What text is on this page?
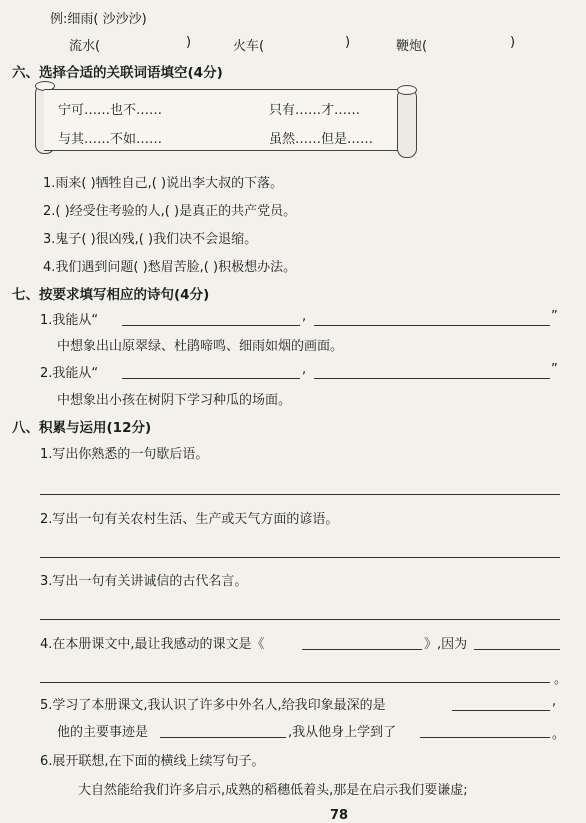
例:细雨( 沙沙沙)
流水(	)	火车(	)	鞭炮(	)
六、选择合适的关联词语填空(4分)
宁可……也不……	只有……才……
与其……不如……	虽然……但是……
1.雨来( )牺牲自己,( )说出李大叔的下落。
2.( )经受住考验的人,( )是真正的共产党员。
3.鬼子( )很凶残,( )我们决不会退缩。
4.我们遇到问题( )愁眉苦脸,( )积极想办法。
七、按要求填写相应的诗句(4分)
1.我能从“	,	”
中想象出山原翠绿、杜鹃啼鸣、细雨如烟的画面。
2.我能从“	,	”
中想象出小孩在树阴下学习种瓜的场面。
八、积累与运用(12分)
1.写出你熟悉的一句歇后语。
2.写出一句有关农村生活、生产或天气方面的谚语。
3.写出一句有关讲诚信的古代名言。
4.在本册课文中,最让我感动的课文是《	》,因为
。
5.学习了本册课文,我认识了许多中外名人,给我印象最深的是	,
他的主要事迹是	,我从他身上学到了	。
6.展开联想,在下面的横线上续写句子。
大自然能给我们许多启示,成熟的稻穗低着头,那是在启示我们要谦虚;
78
